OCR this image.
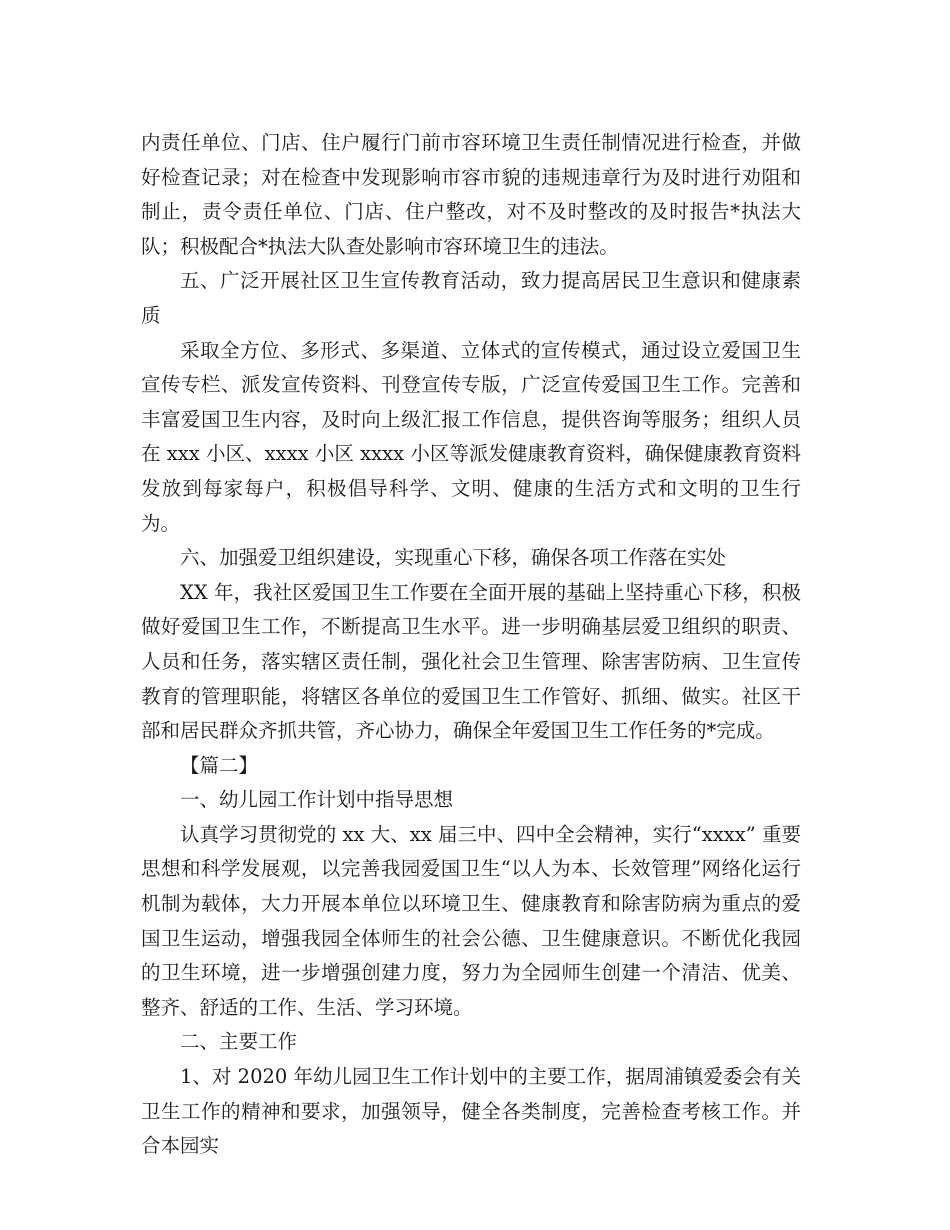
内责任单位、门店、住户履行门前市容环境卫生责任制情况进行检查，并做好检查记录；对在检查中发现影响市容市貌的违规违章行为及时进行劝阻和制止，责令责任单位、门店、住户整改，对不及时整改的及时报告*执法大队；积极配合*执法大队查处影响市容环境卫生的违法。

五、广泛开展社区卫生宣传教育活动，致力提高居民卫生意识和健康素质

采取全方位、多形式、多渠道、立体式的宣传模式，通过设立爱国卫生宣传专栏、派发宣传资料、刊登宣传专版，广泛宣传爱国卫生工作。完善和丰富爱国卫生内容，及时向上级汇报工作信息，提供咨询等服务；组织人员在 xxx 小区、xxxx 小区 xxxx 小区等派发健康教育资料，确保健康教育资料发放到每家每户，积极倡导科学、文明、健康的生活方式和文明的卫生行为。

六、加强爱卫组织建设，实现重心下移，确保各项工作落在实处

XX 年，我社区爱国卫生工作要在全面开展的基础上坚持重心下移，积极做好爱国卫生工作，不断提高卫生水平。进一步明确基层爱卫组织的职责、人员和任务，落实辖区责任制，强化社会卫生管理、除害害防病、卫生宣传教育的管理职能，将辖区各单位的爱国卫生工作管好、抓细、做实。社区干部和居民群众齐抓共管，齐心协力，确保全年爱国卫生工作任务的*完成。

【篇二】

一、幼儿园工作计划中指导思想

认真学习贯彻党的 xx 大、xx 届三中、四中全会精神，实行“xxxx” 重要思想和科学发展观，以完善我园爱国卫生“以人为本、长效管理”网络化运行机制为载体，大力开展本单位以环境卫生、健康教育和除害防病为重点的爱国卫生运动，增强我园全体师生的社会公德、卫生健康意识。不断优化我园的卫生环境，进一步增强创建力度，努力为全园师生创建一个清洁、优美、整齐、舒适的工作、生活、学习环境。

二、主要工作

1、对 2020 年幼儿园卫生工作计划中的主要工作，据周浦镇爱委会有关卫生工作的精神和要求，加强领导，健全各类制度，完善检查考核工作。并合本园实
